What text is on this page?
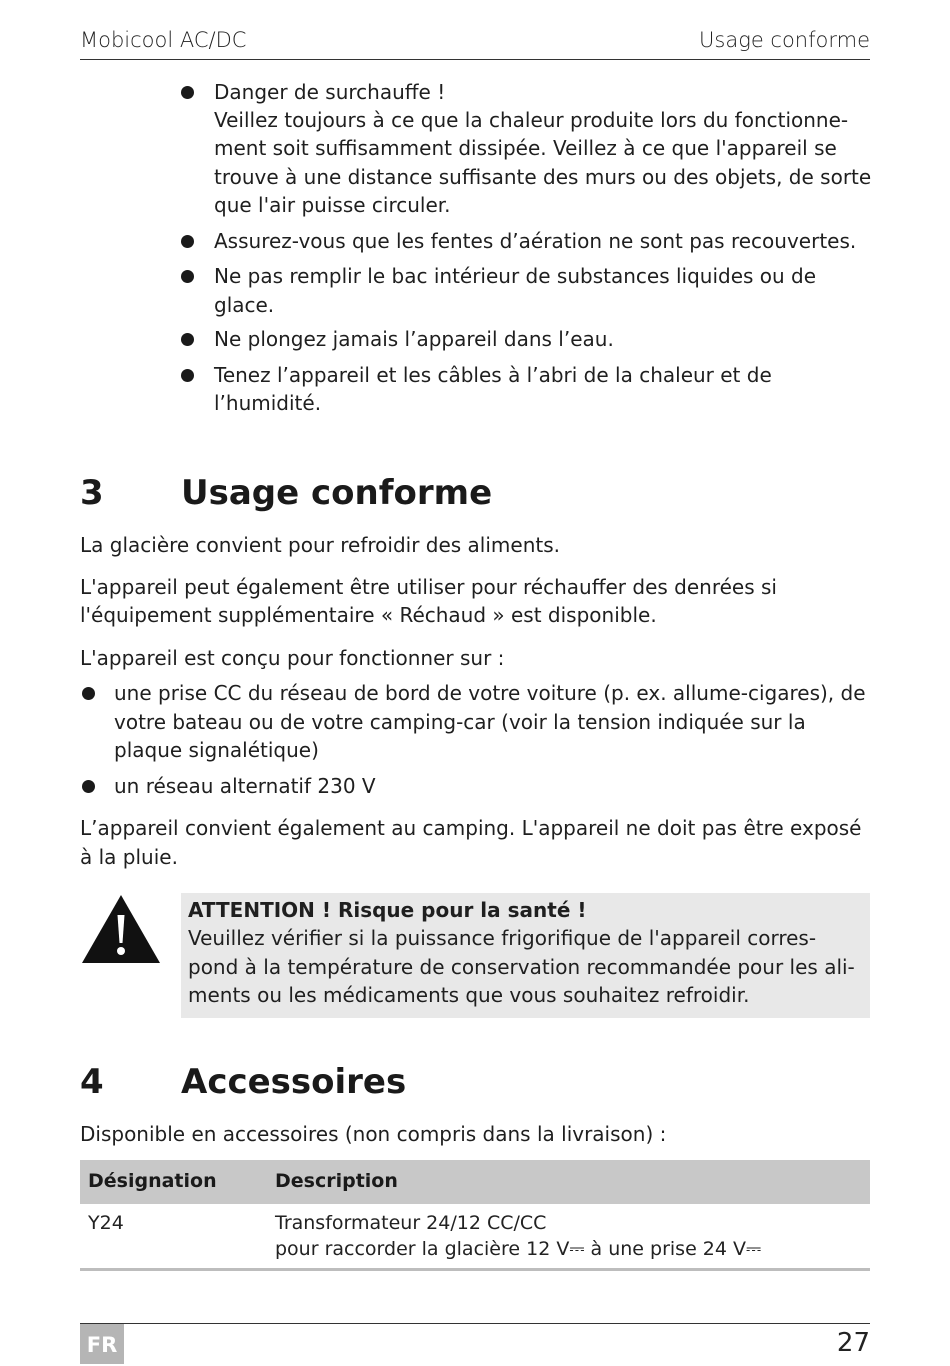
Mobicool AC/DC	Usage conforme
Danger de surchauffe !
Veillez toujours à ce que la chaleur produite lors du fonctionne-
ment soit suffisamment dissipée. Veillez à ce que l'appareil se
trouve à une distance suffisante des murs ou des objets, de sorte
que l'air puisse circuler.
Assurez-vous que les fentes d’aération ne sont pas recouvertes.
Ne pas remplir le bac intérieur de substances liquides ou de
glace.
Ne plongez jamais l’appareil dans l’eau.
Tenez l’appareil et les câbles à l’abri de la chaleur et de
l’humidité.
3 Usage conforme
La glacière convient pour refroidir des aliments.
L'appareil peut également être utiliser pour réchauffer des denrées si
l'équipement supplémentaire « Réchaud » est disponible.
L'appareil est conçu pour fonctionner sur :
une prise CC du réseau de bord de votre voiture (p. ex. allume-cigares), de
votre bateau ou de votre camping-car (voir la tension indiquée sur la
plaque signalétique)
un réseau alternatif 230 V
L’appareil convient également au camping. L'appareil ne doit pas être exposé
à la pluie.
ATTENTION ! Risque pour la santé !
Veuillez vérifier si la puissance frigorifique de l'appareil corres-
pond à la température de conservation recommandée pour les ali-
ments ou les médicaments que vous souhaitez refroidir.
4 Accessoires
Disponible en accessoires (non compris dans la livraison) :
Désignation	Description
Y24	Transformateur 24/12 CC/CC
pour raccorder la glacière 12 V⎓ à une prise 24 V⎓
FR	27
